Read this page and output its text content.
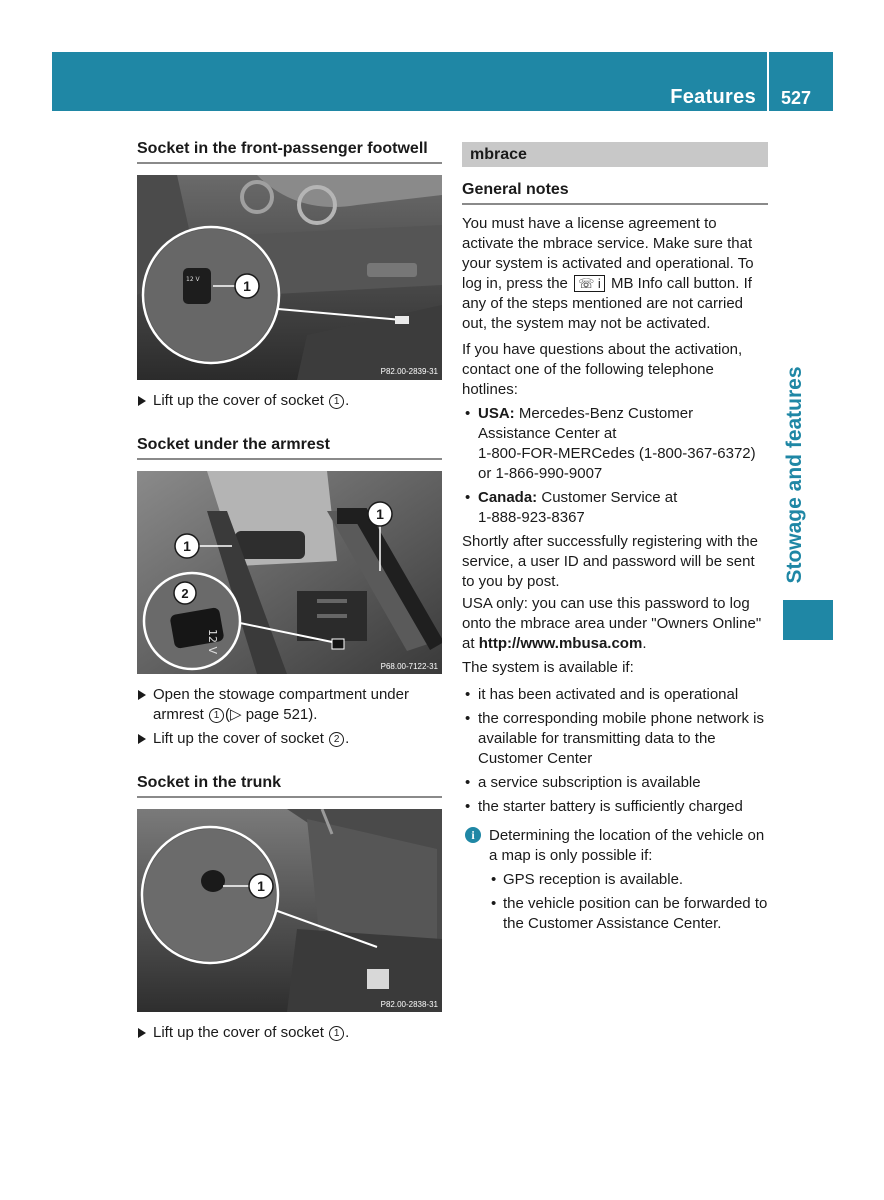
Features 527
Stowage and features
Socket in the front-passenger footwell
12 V	1
P82.00-2839-31
Lift up the cover of socket 1 .
Socket under the armrest
1
1
12 V
2
P68.00-7122-31
Open the stowage compartment under
armrest 1 (▷ page 521).
Lift up the cover of socket 2 .
Socket in the trunk
1
P82.00-2838-31
Lift up the cover of socket 1 .
mbrace
General notes

You must have a license agreement to activate the mbrace service. Make sure that your system is activated and operational. To log in, press the ☏ i MB Info call button. If any of the steps mentioned are not carried out, the system may not be activated.

If you have questions about the activation, contact one of the following telephone hotlines:

• USA: Mercedes-Benz Customer Assistance Center at
1-800-FOR-MERCedes (1-800-367-6372)
or 1-866-990-9007
• Canada: Customer Service at
1-888-923-8367

Shortly after successfully registering with the service, a user ID and password will be sent to you by post.

USA only: you can use this password to log onto the mbrace area under "Owners Online" at http://www.mbusa.com.

The system is available if:

• it has been activated and is operational
• the corresponding mobile phone network is available for transmitting data to the Customer Center
• a service subscription is available
• the starter battery is sufficiently charged
i Determining the location of the vehicle on a map is only possible if:
• GPS reception is available.
• the vehicle position can be forwarded to the Customer Assistance Center.
